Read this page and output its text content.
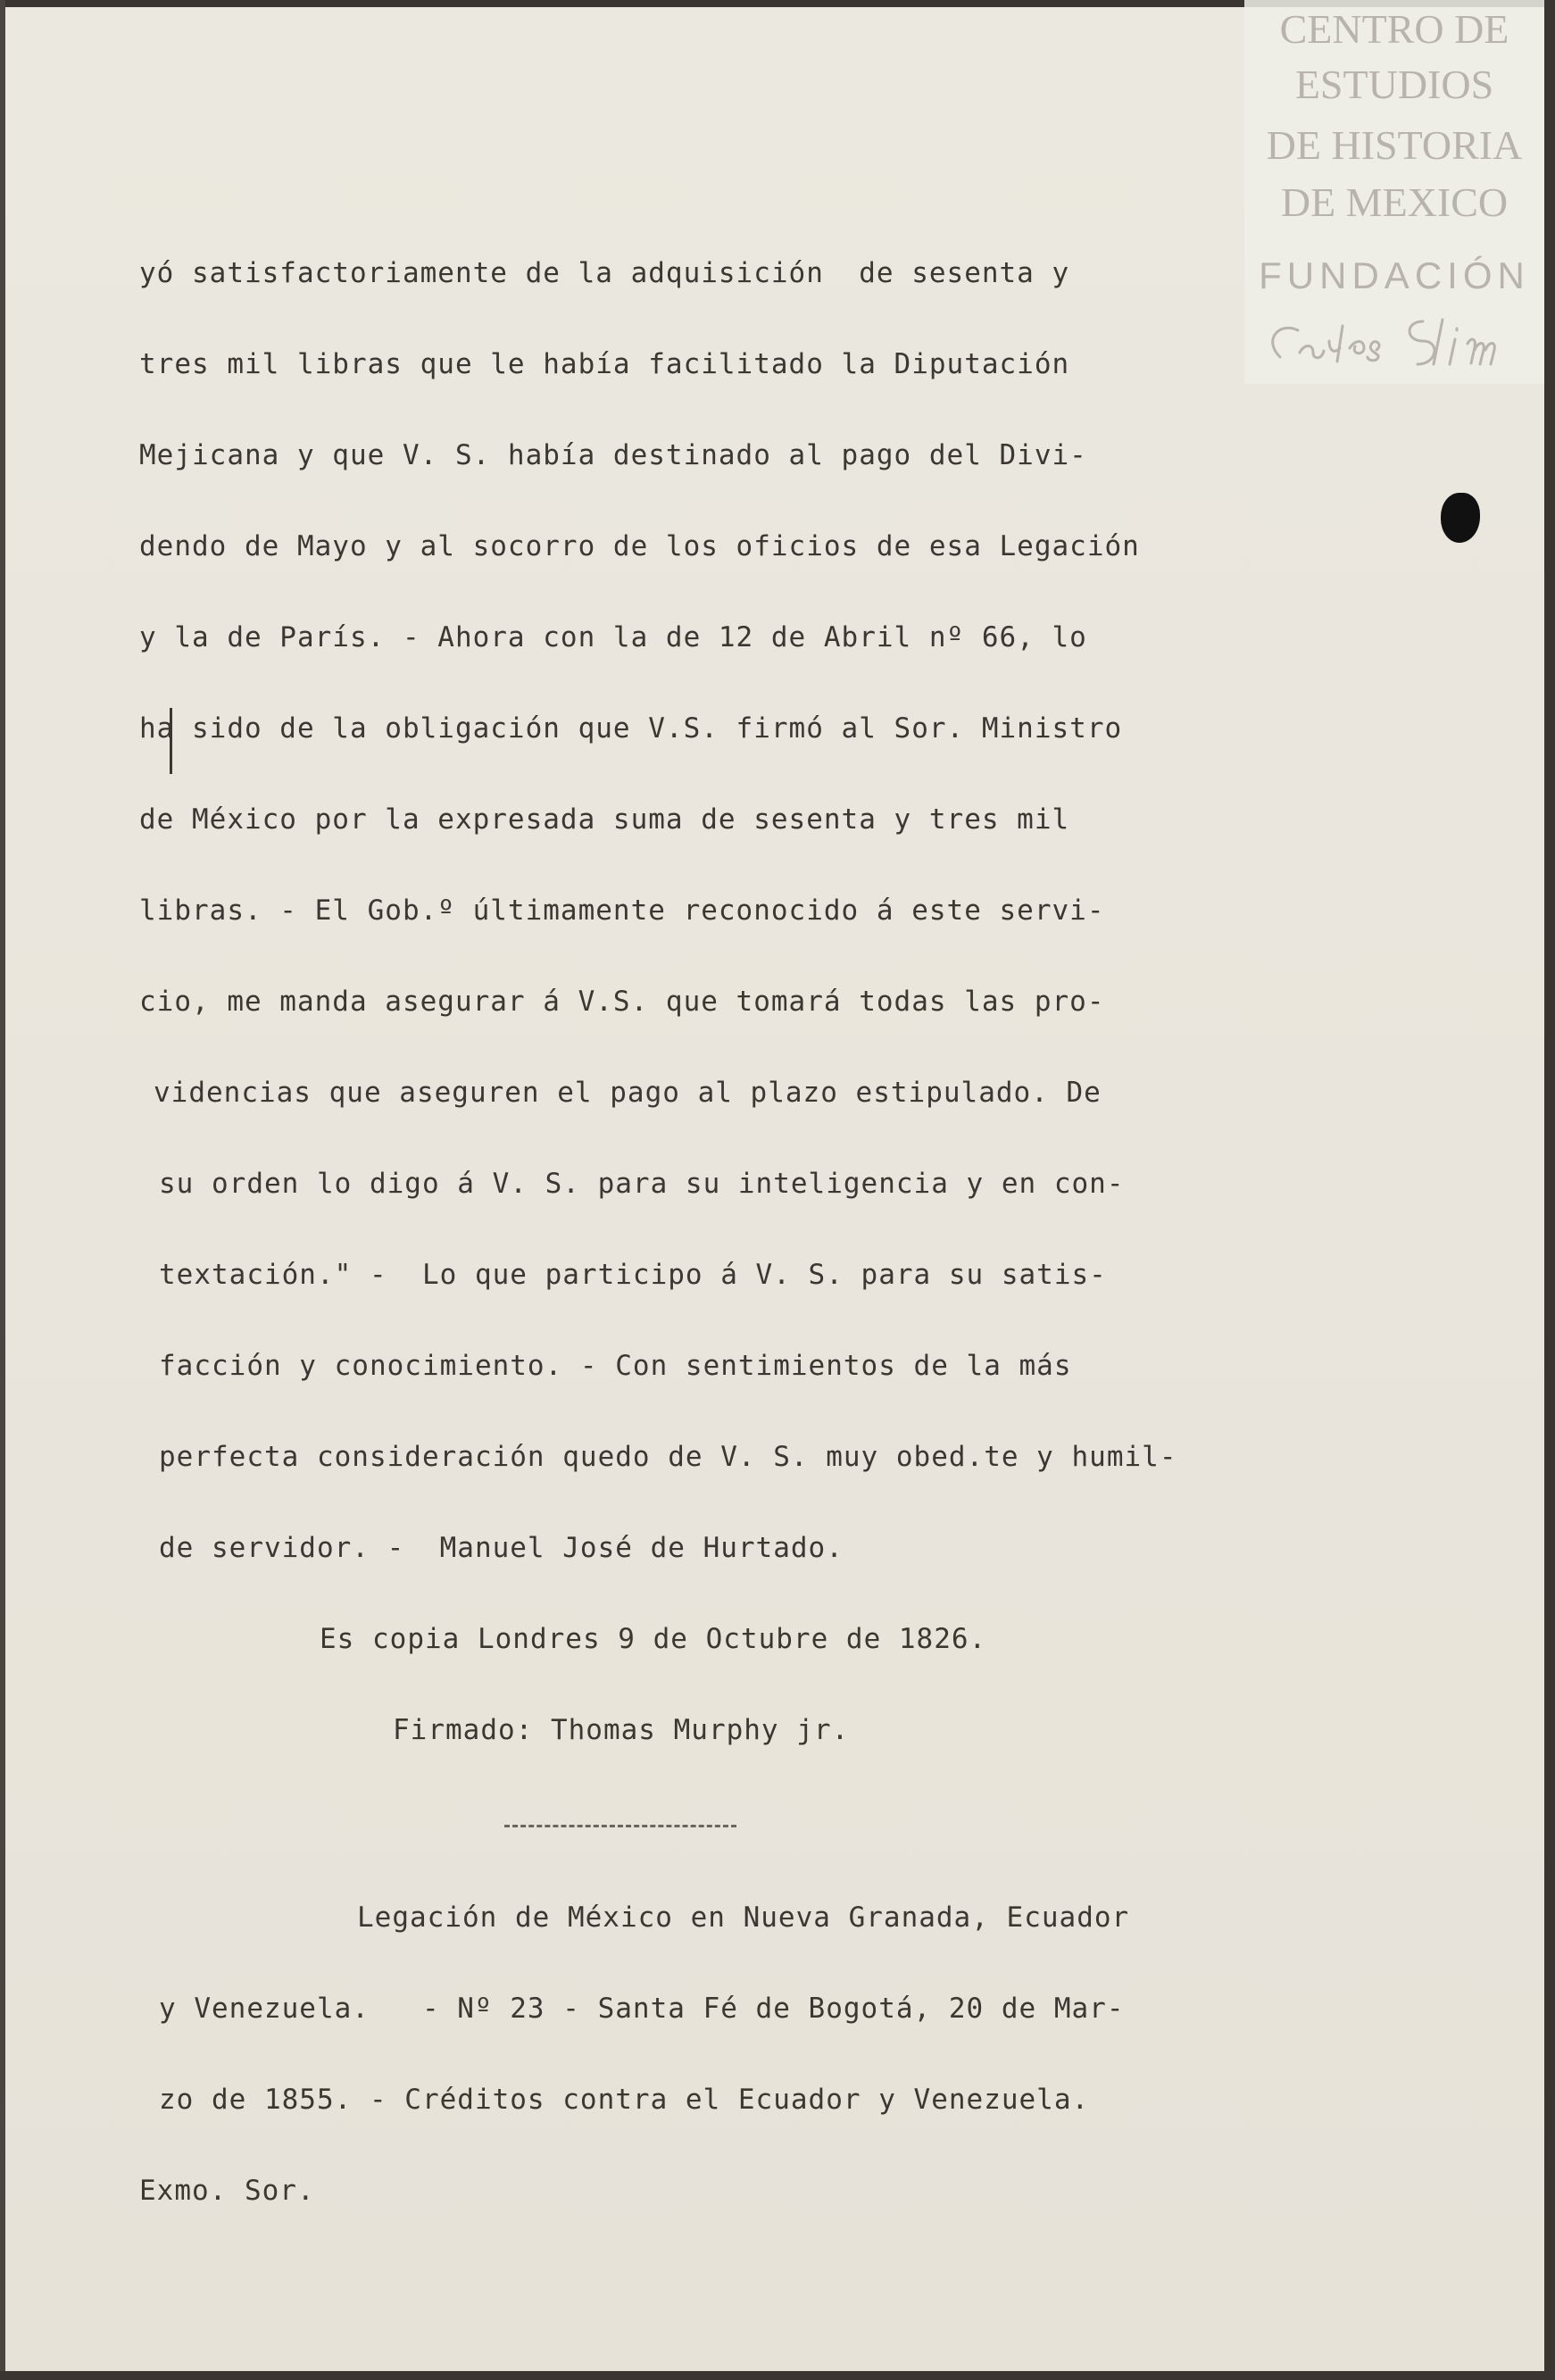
CENTRO DE
ESTUDIOS
DE HISTORIA
DE MEXICO
FUNDACIÓN
yó satisfactoriamente de la adquisición  de sesenta y
tres mil libras que le había facilitado la Diputación
Mejicana y que V. S. había destinado al pago del Divi-
dendo de Mayo y al socorro de los oficios de esa Legación
y la de París. - Ahora con la de 12 de Abril nº 66, lo
ha sido de la obligación que V.S. firmó al Sor. Ministro
de México por la expresada suma de sesenta y tres mil
libras. - El Gob.º últimamente reconocido á este servi-
cio, me manda asegurar á V.S. que tomará todas las pro-
videncias que aseguren el pago al plazo estipulado. De
su orden lo digo á V. S. para su inteligencia y en con-
textación." -  Lo que participo á V. S. para su satis-
facción y conocimiento. - Con sentimientos de la más
perfecta consideración quedo de V. S. muy obed.te y humil-
de servidor. -  Manuel José de Hurtado.
Es copia Londres 9 de Octubre de 1826.
Firmado: Thomas Murphy jr.
Legación de México en Nueva Granada, Ecuador
y Venezuela.   - Nº 23 - Santa Fé de Bogotá, 20 de Mar-
zo de 1855. - Créditos contra el Ecuador y Venezuela.
Exmo. Sor.
